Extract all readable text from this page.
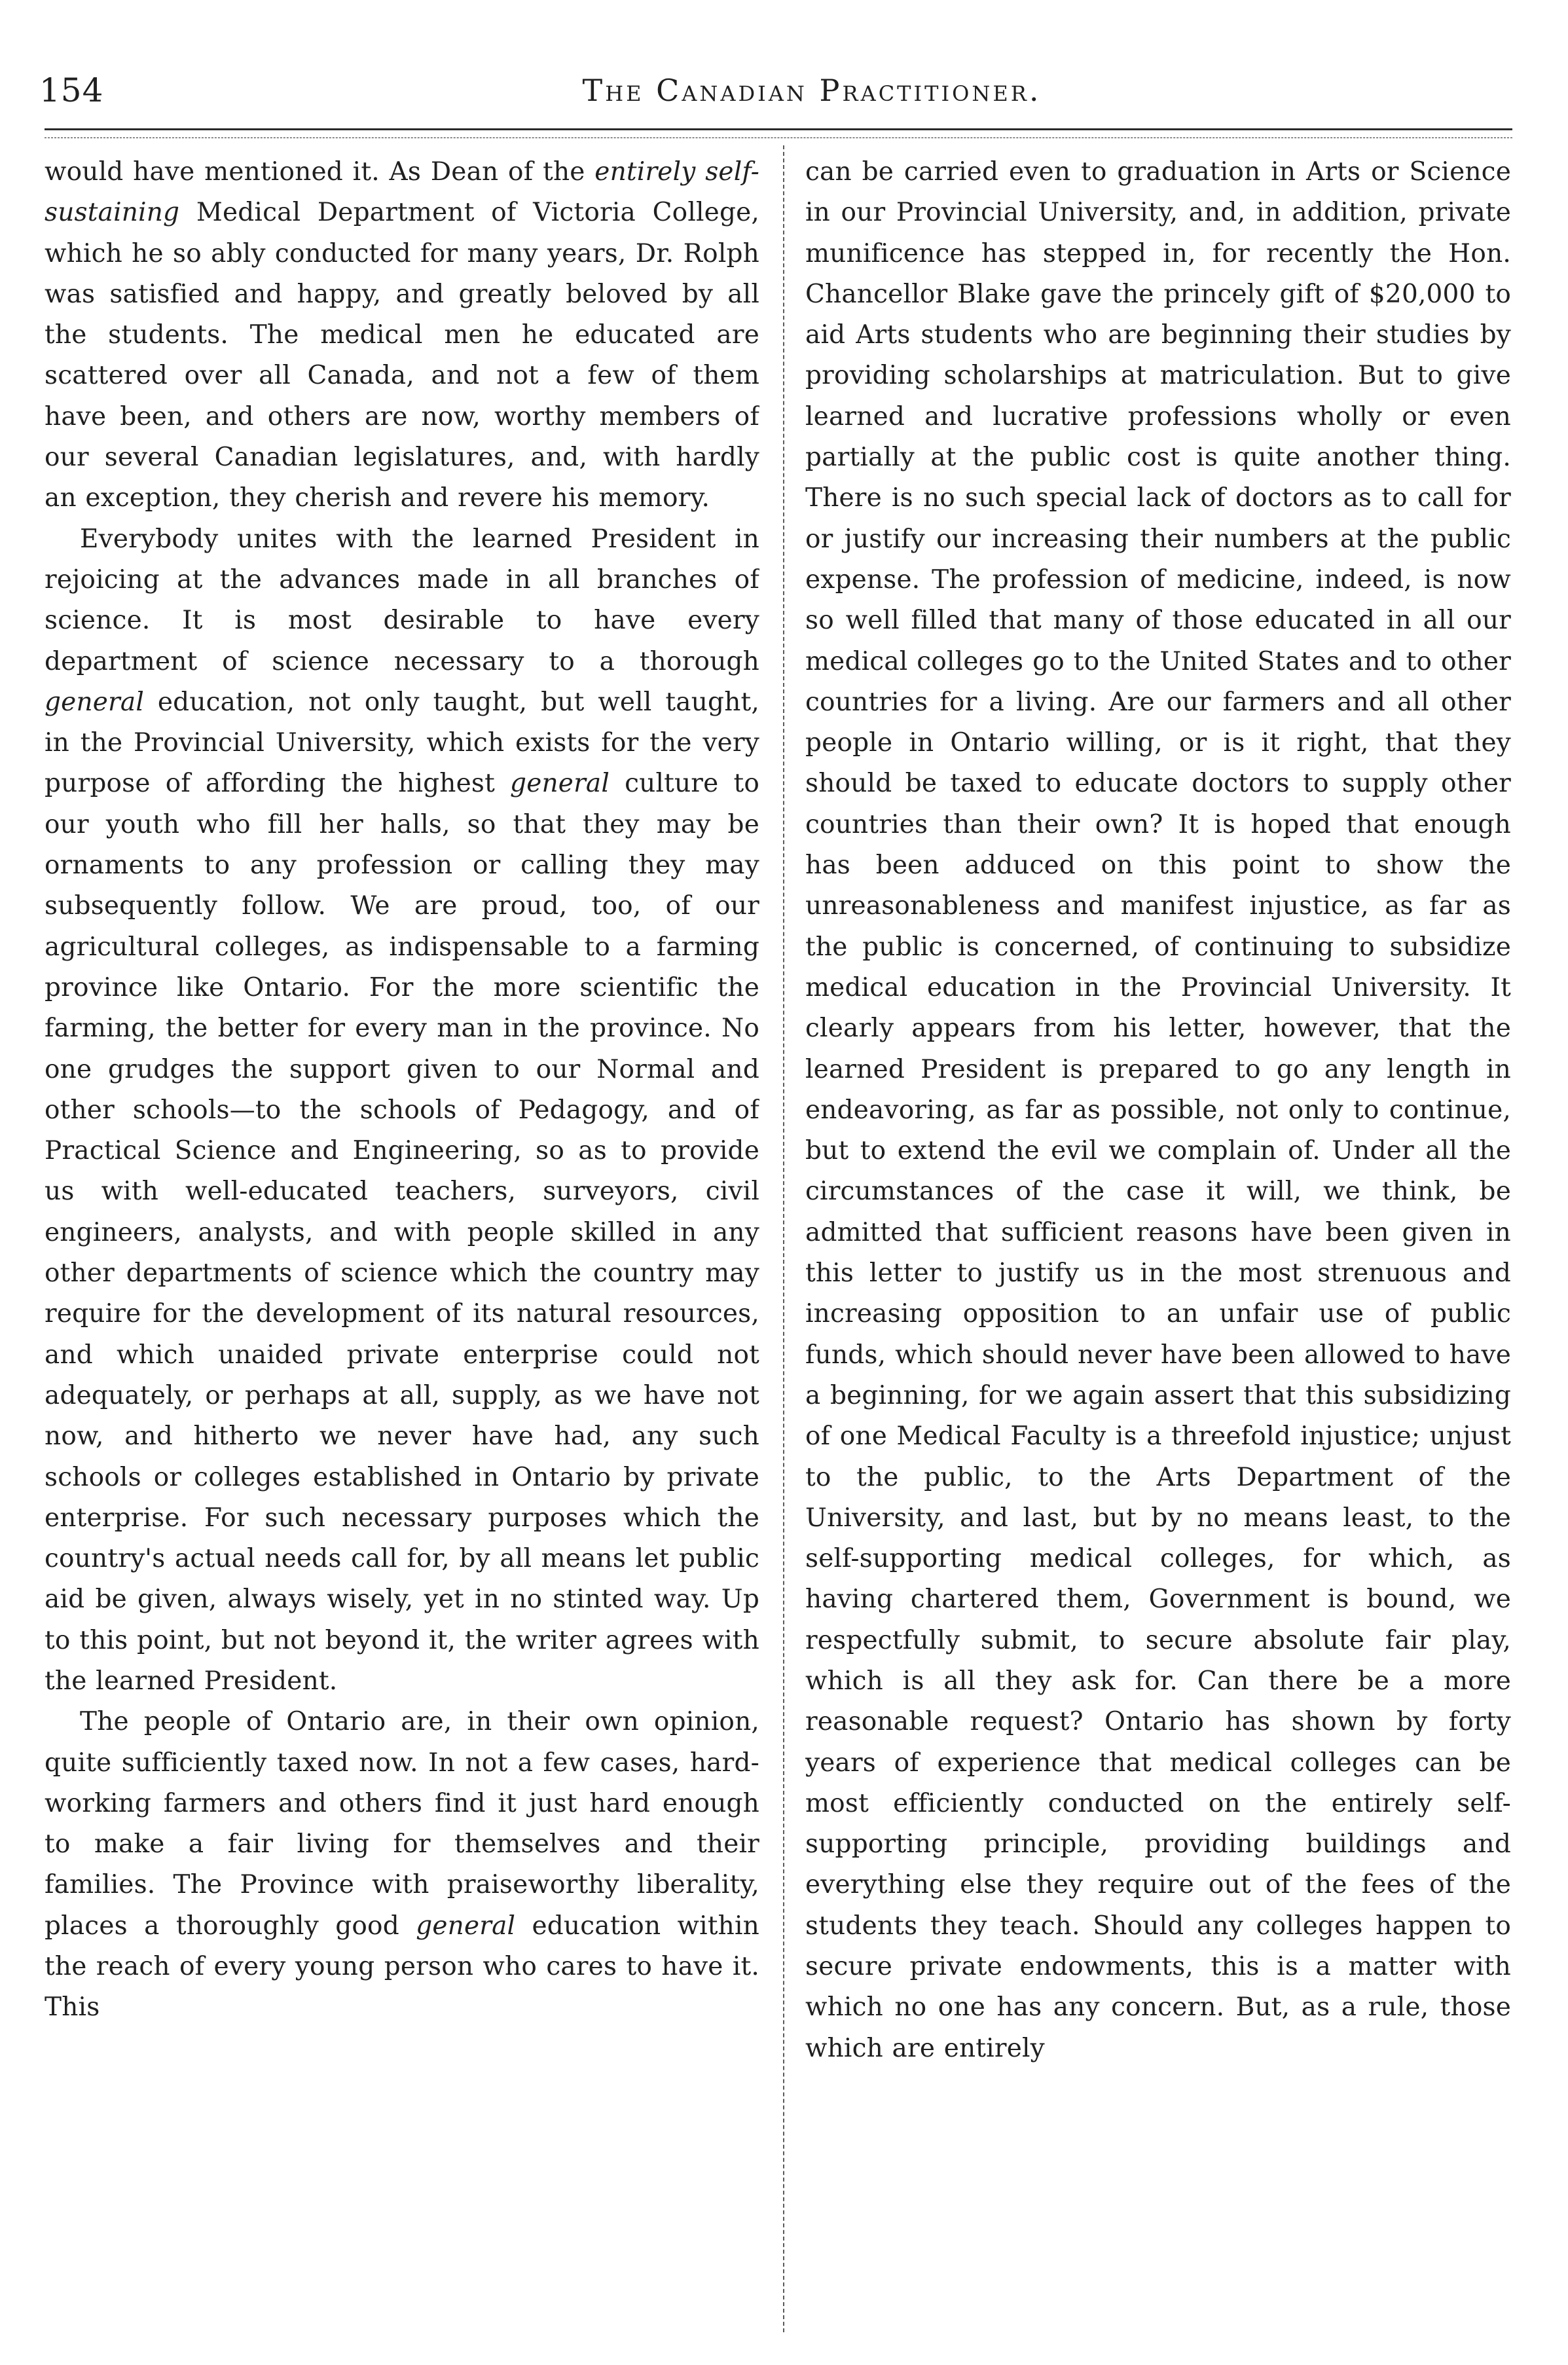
154	The Canadian Practitioner.

would have mentioned it. As Dean of the entirely self-sustaining Medical Department of Victoria College, which he so ably conducted for many years, Dr. Rolph was satisfied and happy, and greatly beloved by all the students. The medical men he educated are scattered over all Canada, and not a few of them have been, and others are now, worthy members of our several Canadian legislatures, and, with hardly an exception, they cherish and revere his memory.

Everybody unites with the learned President in rejoicing at the advances made in all branches of science. It is most desirable to have every department of science necessary to a thorough general education, not only taught, but well taught, in the Provincial University, which exists for the very purpose of affording the highest general culture to our youth who fill her halls, so that they may be ornaments to any profession or calling they may subsequently follow. We are proud, too, of our agricultural colleges, as indispensable to a farming province like Ontario. For the more scientific the farming, the better for every man in the province. No one grudges the support given to our Normal and other schools—to the schools of Pedagogy, and of Practical Science and Engineering, so as to provide us with well-educated teachers, surveyors, civil engineers, analysts, and with people skilled in any other departments of science which the country may require for the development of its natural resources, and which unaided private enterprise could not adequately, or perhaps at all, supply, as we have not now, and hitherto we never have had, any such schools or colleges established in Ontario by private enterprise. For such necessary purposes which the country's actual needs call for, by all means let public aid be given, always wisely, yet in no stinted way. Up to this point, but not beyond it, the writer agrees with the learned President.

The people of Ontario are, in their own opinion, quite sufficiently taxed now. In not a few cases, hard-working farmers and others find it just hard enough to make a fair living for themselves and their families. The Province with praiseworthy liberality, places a thoroughly good general education within the reach of every young person who cares to have it. This

can be carried even to graduation in Arts or Science in our Provincial University, and, in addition, private munificence has stepped in, for recently the Hon. Chancellor Blake gave the princely gift of $20,000 to aid Arts students who are beginning their studies by providing scholarships at matriculation. But to give learned and lucrative professions wholly or even partially at the public cost is quite another thing. There is no such special lack of doctors as to call for or justify our increasing their numbers at the public expense. The profession of medicine, indeed, is now so well filled that many of those educated in all our medical colleges go to the United States and to other countries for a living. Are our farmers and all other people in Ontario willing, or is it right, that they should be taxed to educate doctors to supply other countries than their own? It is hoped that enough has been adduced on this point to show the unreasonableness and manifest injustice, as far as the public is concerned, of continuing to subsidize medical education in the Provincial University. It clearly appears from his letter, however, that the learned President is prepared to go any length in endeavoring, as far as possible, not only to continue, but to extend the evil we complain of. Under all the circumstances of the case it will, we think, be admitted that sufficient reasons have been given in this letter to justify us in the most strenuous and increasing opposition to an unfair use of public funds, which should never have been allowed to have a beginning, for we again assert that this subsidizing of one Medical Faculty is a threefold injustice; unjust to the public, to the Arts Department of the University, and last, but by no means least, to the self-supporting medical colleges, for which, as having chartered them, Government is bound, we respectfully submit, to secure absolute fair play, which is all they ask for. Can there be a more reasonable request? Ontario has shown by forty years of experience that medical colleges can be most efficiently conducted on the entirely self-supporting principle, providing buildings and everything else they require out of the fees of the students they teach. Should any colleges happen to secure private endowments, this is a matter with which no one has any concern. But, as a rule, those which are entirely
